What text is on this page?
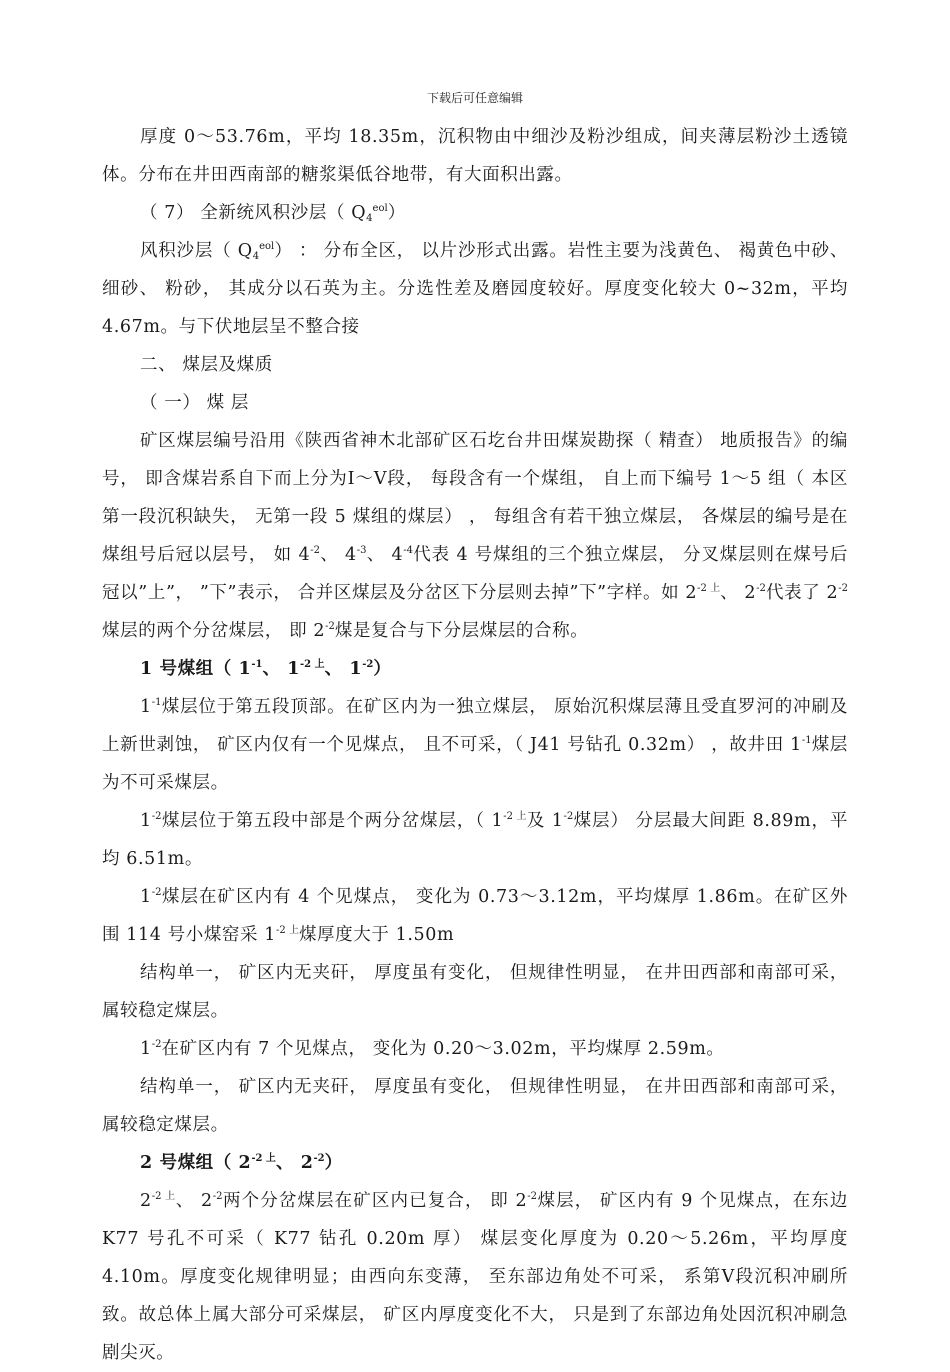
下载后可任意编辑

厚度 0～53.76m，平均 18.35m，沉积物由中细沙及粉沙组成，间夹薄层粉沙土透镜体。分布在井田西南部的糖浆渠低谷地带，有大面积出露。

（ 7） 全新统风积沙层（ $Q_4^{eol}$）

风积沙层（ $Q_4^{eol}$） ： 分布全区， 以片沙形式出露。岩性主要为浅黄色、 褐黄色中砂、 细砂、 粉砂， 其成分以石英为主。分选性差及磨园度较好。厚度变化较大 0~32m，平均 4.67m。与下伏地层呈不整合接

二、 煤层及煤质

（ 一） 煤 层

矿区煤层编号沿用《陕西省神木北部矿区石圪台井田煤炭勘探（ 精查） 地质报告》的编号， 即含煤岩系自下而上分为Ⅰ～Ⅴ段， 每段含有一个煤组， 自上而下编号 1～5 组（ 本区第一段沉积缺失， 无第一段 5 煤组的煤层） ， 每组含有若干独立煤层， 各煤层的编号是在煤组号后冠以层号， 如 $4^{-2}$、 $4^{-3}$、 $4^{-4}$代表 4 号煤组的三个独立煤层， 分叉煤层则在煤号后冠以”上”， ”下”表示， 合并区煤层及分岔区下分层则去掉”下”字样。如 $2^{-2 上}$、 $2^{-2}$代表了 $2^{-2}$煤层的两个分岔煤层， 即 $2^{-2}$煤是复合与下分层煤层的合称。

1 号煤组（ $1^{-1}$、 $1^{-2 上}$、 $1^{-2}$）

$1^{-1}$煤层位于第五段顶部。在矿区内为一独立煤层， 原始沉积煤层薄且受直罗河的冲刷及上新世剥蚀， 矿区内仅有一个见煤点， 且不可采，（ J41 号钻孔 0.32m） ，故井田 $1^{-1}$煤层为不可采煤层。

$1^{-2}$煤层位于第五段中部是个两分岔煤层，（ $1^{-2 上}$及 $1^{-2}$煤层） 分层最大间距 8.89m，平均 6.51m。

$1^{-2}$煤层在矿区内有 4 个见煤点， 变化为 0.73～3.12m，平均煤厚 1.86m。在矿区外围 114 号小煤窑采 $1^{-2 上}$煤厚度大于 1.50m

结构单一， 矿区内无夹矸， 厚度虽有变化， 但规律性明显， 在井田西部和南部可采， 属较稳定煤层。

$1^{-2}$在矿区内有 7 个见煤点， 变化为 0.20～3.02m，平均煤厚 2.59m。

结构单一， 矿区内无夹矸， 厚度虽有变化， 但规律性明显， 在井田西部和南部可采， 属较稳定煤层。

2 号煤组（ $2^{-2 上}$、 $2^{-2}$）

$2^{-2 上}$、 $2^{-2}$两个分岔煤层在矿区内已复合， 即 $2^{-2}$煤层， 矿区内有 9 个见煤点，在东边 K77 号孔不可采（ K77 钻孔 0.20m 厚） 煤层变化厚度为 0.20～5.26m，平均厚度 4.10m。厚度变化规律明显；由西向东变薄， 至东部边角处不可采， 系第Ⅴ段沉积冲刷所致。故总体上属大部分可采煤层， 矿区内厚度变化不大， 只是到了东部边角处因沉积冲刷急剧尖灭。
